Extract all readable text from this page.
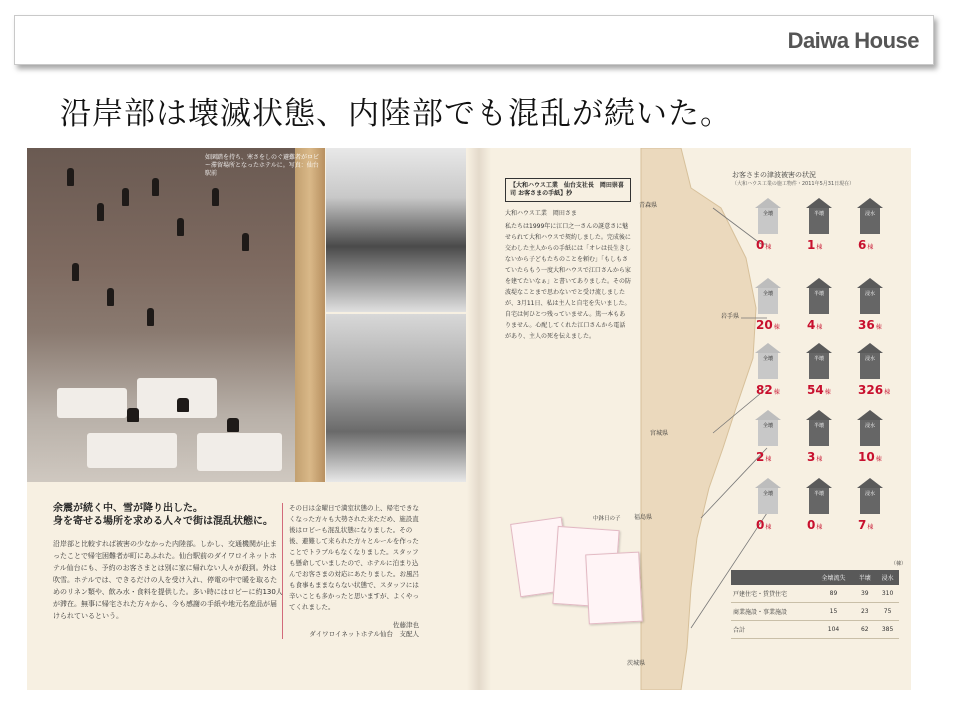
Daiwa House
沿岸部は壊滅状態、内陸部でも混乱が続いた。
如園踏を持ち、寒さをしのぐ避難者がロビー滞留場所となったホテルに。写真：仙台駅前
余震が続く中、雪が降り出した。
身を寄せる場所を求める人々で街は混乱状態に。
沿岸部と比較すれば被害の少なかった内陸部。しかし、交通機関が止まったことで帰宅困難者が町にあふれた。仙台駅前のダイワロイネットホテル仙台にも、予約のお客さまとは別に家に帰れない人々が殺到。外は吹雪。ホテルでは、できるだけの人を受け入れ、停電の中で暖を取るためのリネン類や、飲み水・食料を提供した。多い時にはロビーに約130人が滞在。無事に帰宅された方々から、今も感謝の手紙や地元名産品が届けられているという。
その日は金曜日で満室状態の上、帰宅できなくなった方々も大勢された来ただめ、施設直後はロビーも混乱状態になりました。その後、避難して来られた方々とルールを作ったことでトラブルもなくなりました。スタッフも懸命していましたので、ホテルに泊まり込んでお客さまの対応にあたりました。お風呂も食事もままならない状態で、スタッフには辛いことも多かったと思いますが、よくやってくれました。
佐藤津也
ダイワロイネットホテル仙台　支配人
【大和ハウス工業　仙台支社長　岡田崇喜 司 お客さまの手紙】抄
大和ハウス工業　岡田さま
私たちは1999年に江口之一さんの誕意さに魅せられて大和ハウスで契約しました。完成後に交わした主人からの手紙には「オレは長生きしないから子どもたちのことを頼む」「もしもさていたらもう一度大和ハウスで江口さんから家を建てたいなぁ」と書いてありました。その防波堤なことまで思わないでと受け流しましたが、3月11日、私は主人と自宅を失いました。自宅は何ひとつ残っていません。篤一本もありません。心配してくれた江口さんから電話があり、主人の死を伝えました。
中鉢日の子
お客さまの津波被害の状況
（大和ハウス工業の施工物件・2011年5月31日現在）
青森県
岩手県
宮城県
福島県
茨城県
全壊
0棟
半壊
1棟
浸水
6棟
全壊
20棟
半壊
4棟
浸水
36棟
全壊
82棟
半壊
54棟
浸水
326棟
全壊
2棟
半壊
3棟
浸水
10棟
全壊
0棟
半壊
0棟
浸水
7棟
（棟）
	全壊流失	半壊	浸水
戸建住宅・賃貸住宅	89	39	310
商業施設・事業施設	15	23	75
合計	104	62	385
